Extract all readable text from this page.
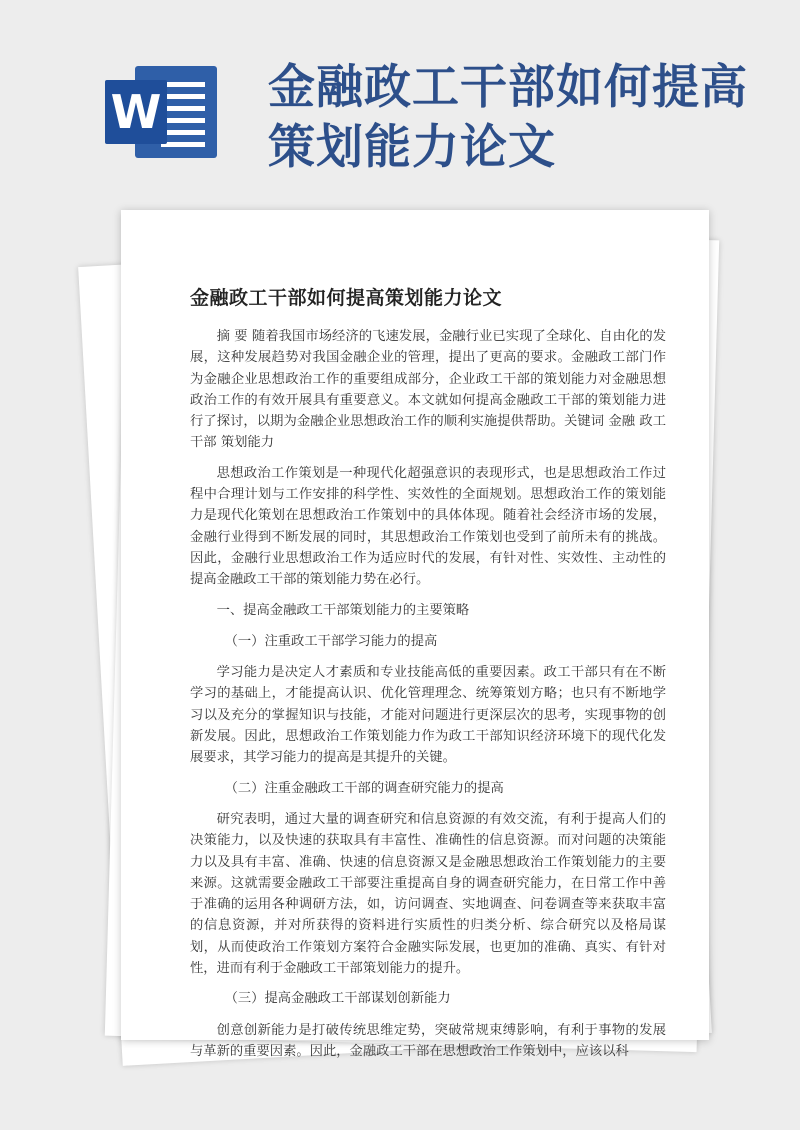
W 金融政工干部如何提高策划能力论文
金融政工干部如何提高策划能力论文

摘 要 随着我国市场经济的飞速发展，金融行业已实现了全球化、自由化的发展，这种发展趋势对我国金融企业的管理，提出了更高的要求。金融政工部门作为金融企业思想政治工作的重要组成部分，企业政工干部的策划能力对金融思想政治工作的有效开展具有重要意义。本文就如何提高金融政工干部的策划能力进行了探讨，以期为金融企业思想政治工作的顺利实施提供帮助。关键词 金融 政工干部 策划能力

思想政治工作策划是一种现代化超强意识的表现形式，也是思想政治工作过程中合理计划与工作安排的科学性、实效性的全面规划。思想政治工作的策划能力是现代化策划在思想政治工作策划中的具体体现。随着社会经济市场的发展，金融行业得到不断发展的同时，其思想政治工作策划也受到了前所未有的挑战。因此，金融行业思想政治工作为适应时代的发展，有针对性、实效性、主动性的提高金融政工干部的策划能力势在必行。

一、提高金融政工干部策划能力的主要策略

（一）注重政工干部学习能力的提高

学习能力是决定人才素质和专业技能高低的重要因素。政工干部只有在不断学习的基础上，才能提高认识、优化管理理念、统筹策划方略；也只有不断地学习以及充分的掌握知识与技能，才能对问题进行更深层次的思考，实现事物的创新发展。因此，思想政治工作策划能力作为政工干部知识经济环境下的现代化发展要求，其学习能力的提高是其提升的关键。

（二）注重金融政工干部的调查研究能力的提高

研究表明，通过大量的调查研究和信息资源的有效交流，有利于提高人们的决策能力，以及快速的获取具有丰富性、准确性的信息资源。而对问题的决策能力以及具有丰富、准确、快速的信息资源又是金融思想政治工作策划能力的主要来源。这就需要金融政工干部要注重提高自身的调查研究能力，在日常工作中善于准确的运用各种调研方法，如，访问调查、实地调查、问卷调查等来获取丰富的信息资源，并对所获得的资料进行实质性的归类分析、综合研究以及格局谋划，从而使政治工作策划方案符合金融实际发展，也更加的准确、真实、有针对性，进而有利于金融政工干部策划能力的提升。

（三）提高金融政工干部谋划创新能力

创意创新能力是打破传统思维定势，突破常规束缚影响，有利于事物的发展与革新的重要因素。因此，金融政工干部在思想政治工作策划中，应该以科
